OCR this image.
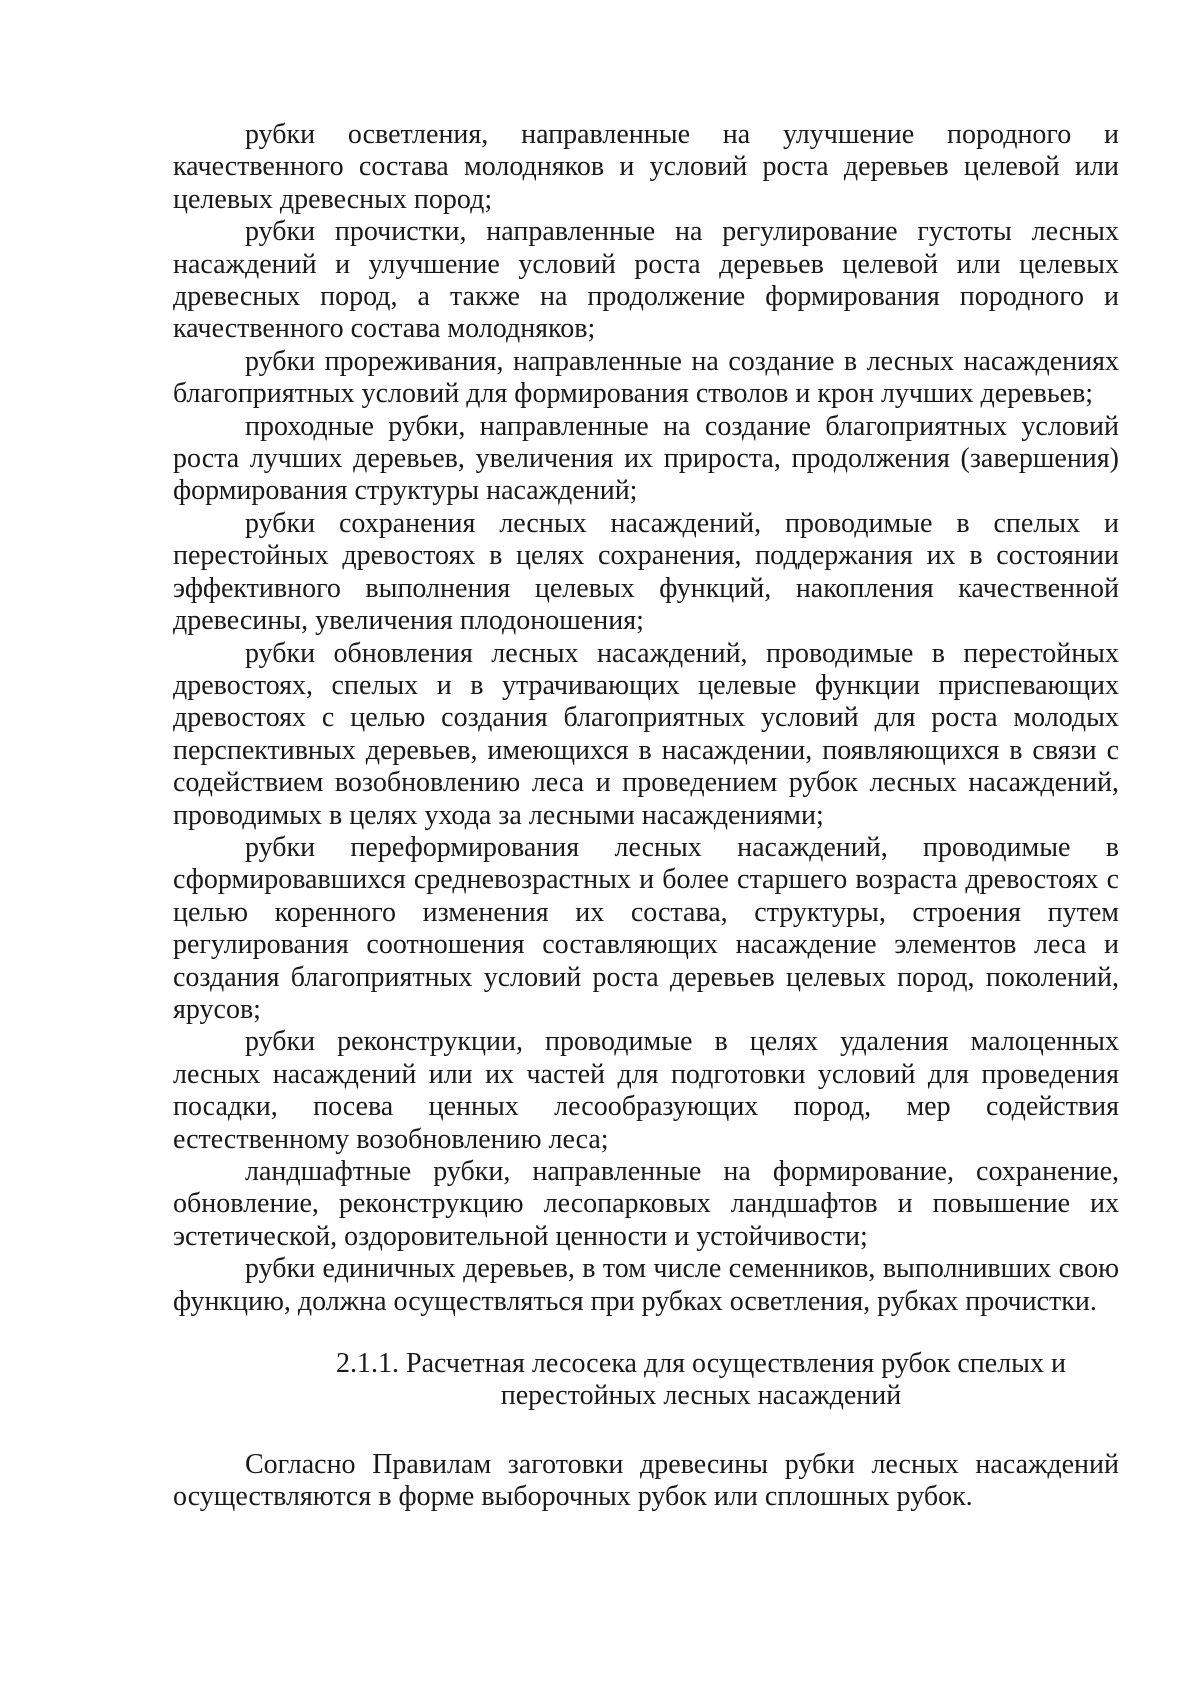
рубки осветления, направленные на улучшение породного и качественного состава молодняков и условий роста деревьев целевой или целевых древесных пород;

рубки прочистки, направленные на регулирование густоты лесных насаждений и улучшение условий роста деревьев целевой или целевых древесных пород, а также на продолжение формирования породного и качественного состава молодняков;

рубки прореживания, направленные на создание в лесных насаждениях благоприятных условий для формирования стволов и крон лучших деревьев;

проходные рубки, направленные на создание благоприятных условий роста лучших деревьев, увеличения их прироста, продолжения (завершения) формирования структуры насаждений;

рубки сохранения лесных насаждений, проводимые в спелых и перестойных древостоях в целях сохранения, поддержания их в состоянии эффективного выполнения целевых функций, накопления качественной древесины, увеличения плодоношения;

рубки обновления лесных насаждений, проводимые в перестойных древостоях, спелых и в утрачивающих целевые функции приспевающих древостоях с целью создания благоприятных условий для роста молодых перспективных деревьев, имеющихся в насаждении, появляющихся в связи с содействием возобновлению леса и проведением рубок лесных насаждений, проводимых в целях ухода за лесными насаждениями;

рубки переформирования лесных насаждений, проводимые в сформировавшихся средневозрастных и более старшего возраста древостоях с целью коренного изменения их состава, структуры, строения путем регулирования соотношения составляющих насаждение элементов леса и создания благоприятных условий роста деревьев целевых пород, поколений, ярусов;

рубки реконструкции, проводимые в целях удаления малоценных лесных насаждений или их частей для подготовки условий для проведения посадки, посева ценных лесообразующих пород, мер содействия естественному возобновлению леса;

ландшафтные рубки, направленные на формирование, сохранение, обновление, реконструкцию лесопарковых ландшафтов и повышение их эстетической, оздоровительной ценности и устойчивости;

рубки единичных деревьев, в том числе семенников, выполнивших свою функцию, должна осуществляться при рубках осветления, рубках прочистки.

2.1.1. Расчетная лесосека для осуществления рубок спелых и
перестойных лесных насаждений

Согласно Правилам заготовки древесины рубки лесных насаждений осуществляются в форме выборочных рубок или сплошных рубок.
